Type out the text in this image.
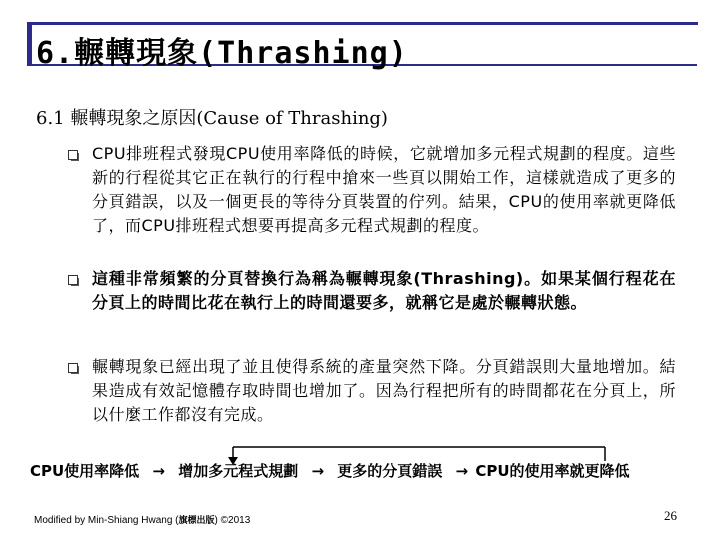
6.輾轉現象(Thrashing)
6.1 輾轉現象之原因(Cause of Thrashing)
CPU排班程式發現CPU使用率降低的時候，它就增加多元程式規劃的程度。這些新的行程從其它正在執行的行程中搶來一些頁以開始工作，這樣就造成了更多的分頁錯誤，以及一個更長的等待分頁裝置的佇列。結果，CPU的使用率就更降低了，而CPU排班程式想要再提高多元程式規劃的程度。
這種非常頻繁的分頁替換行為稱為輾轉現象(Thrashing)。如果某個行程花在分頁上的時間比花在執行上的時間還要多，就稱它是處於輾轉狀態。
輾轉現象已經出現了並且使得系統的產量突然下降。分頁錯誤則大量地增加。結果造成有效記憶體存取時間也增加了。因為行程把所有的時間都花在分頁上，所以什麼工作都沒有完成。
CPU使用率降低 → 增加多元程式規劃 → 更多的分頁錯誤 → CPU的使用率就更降低
Modified by Min-Shiang Hwang (旗標出版) ©2013	26
